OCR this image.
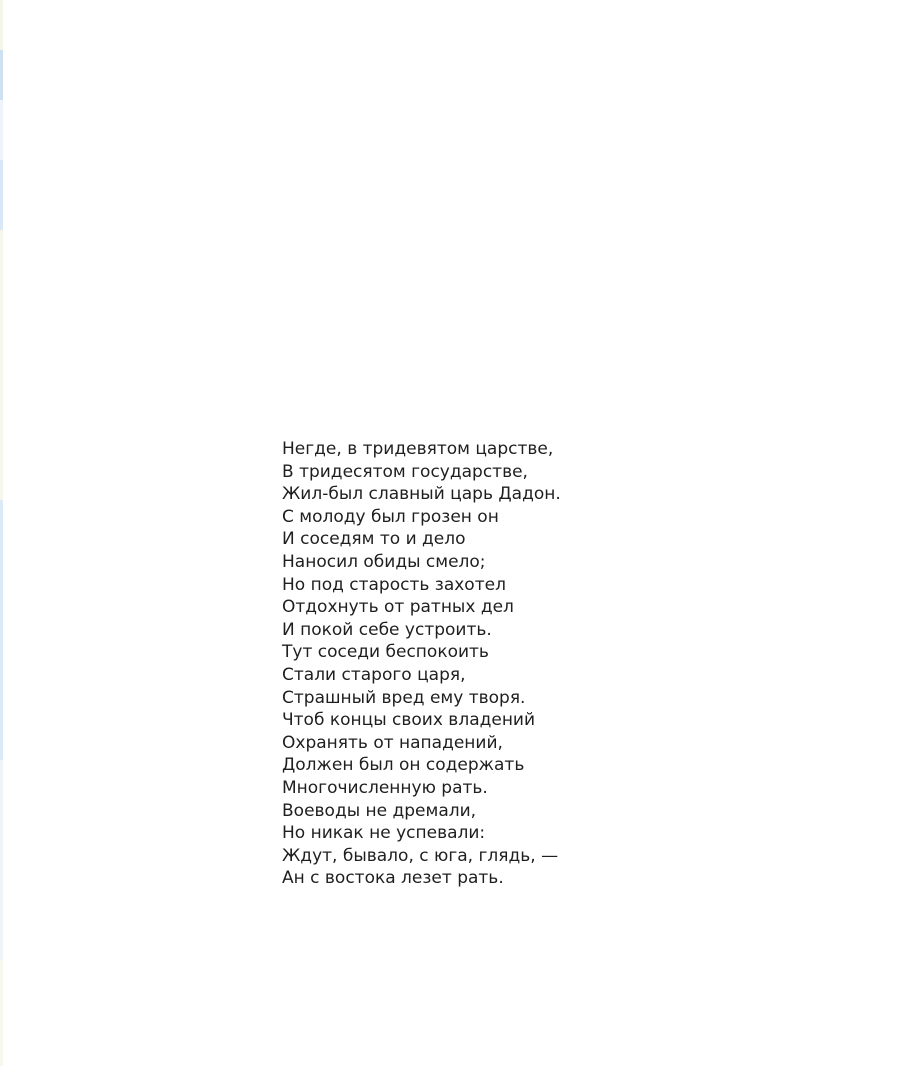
Негде, в тридевятом царстве,
В тридесятом государстве,
Жил-был славный царь Дадон.
С молоду был грозен он
И соседям то и дело
Наносил обиды смело;
Но под старость захотел
Отдохнуть от ратных дел
И покой себе устроить.
Тут соседи беспокоить
Стали старого царя,
Страшный вред ему творя.
Чтоб концы своих владений
Охранять от нападений,
Должен был он содержать
Многочисленную рать.
Воеводы не дремали,
Но никак не успевали:
Ждут, бывало, с юга, глядь, —
Ан с востока лезет рать.
